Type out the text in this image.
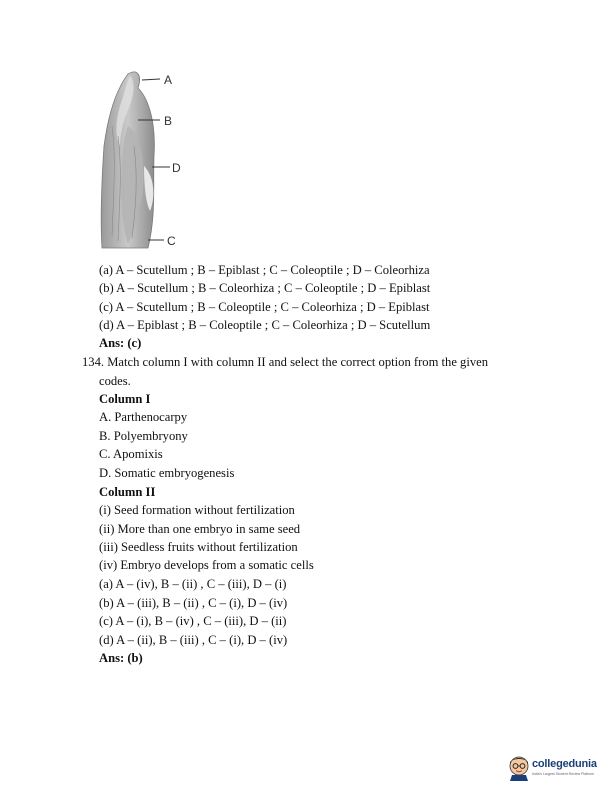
A
B
D
C
(a) A – Scutellum ; B – Epiblast ; C – Coleoptile ; D – Coleorhiza
(b) A – Scutellum ; B – Coleorhiza ; C – Coleoptile ; D – Epiblast
(c) A – Scutellum ; B – Coleoptile ; C – Coleorhiza ; D – Epiblast
(d) A – Epiblast ; B – Coleoptile ; C – Coleorhiza ; D – Scutellum
Ans: (c)
134. Match column I with column II and select the correct option from the given
codes.
Column I
A. Parthenocarpy
B. Polyembryony
C. Apomixis
D. Somatic embryogenesis
Column II
(i) Seed formation without fertilization
(ii) More than one embryo in same seed
(iii) Seedless fruits without fertilization
(iv) Embryo develops from a somatic cells
(a) A – (iv), B – (ii) , C – (iii), D – (i)
(b) A – (iii), B – (ii) , C – (i), D – (iv)
(c) A – (i), B – (iv) , C – (iii), D – (ii)
(d) A – (ii), B – (iii) , C – (i), D – (iv)
Ans: (b)
collegedunia
India's Largest Student Review Platform
